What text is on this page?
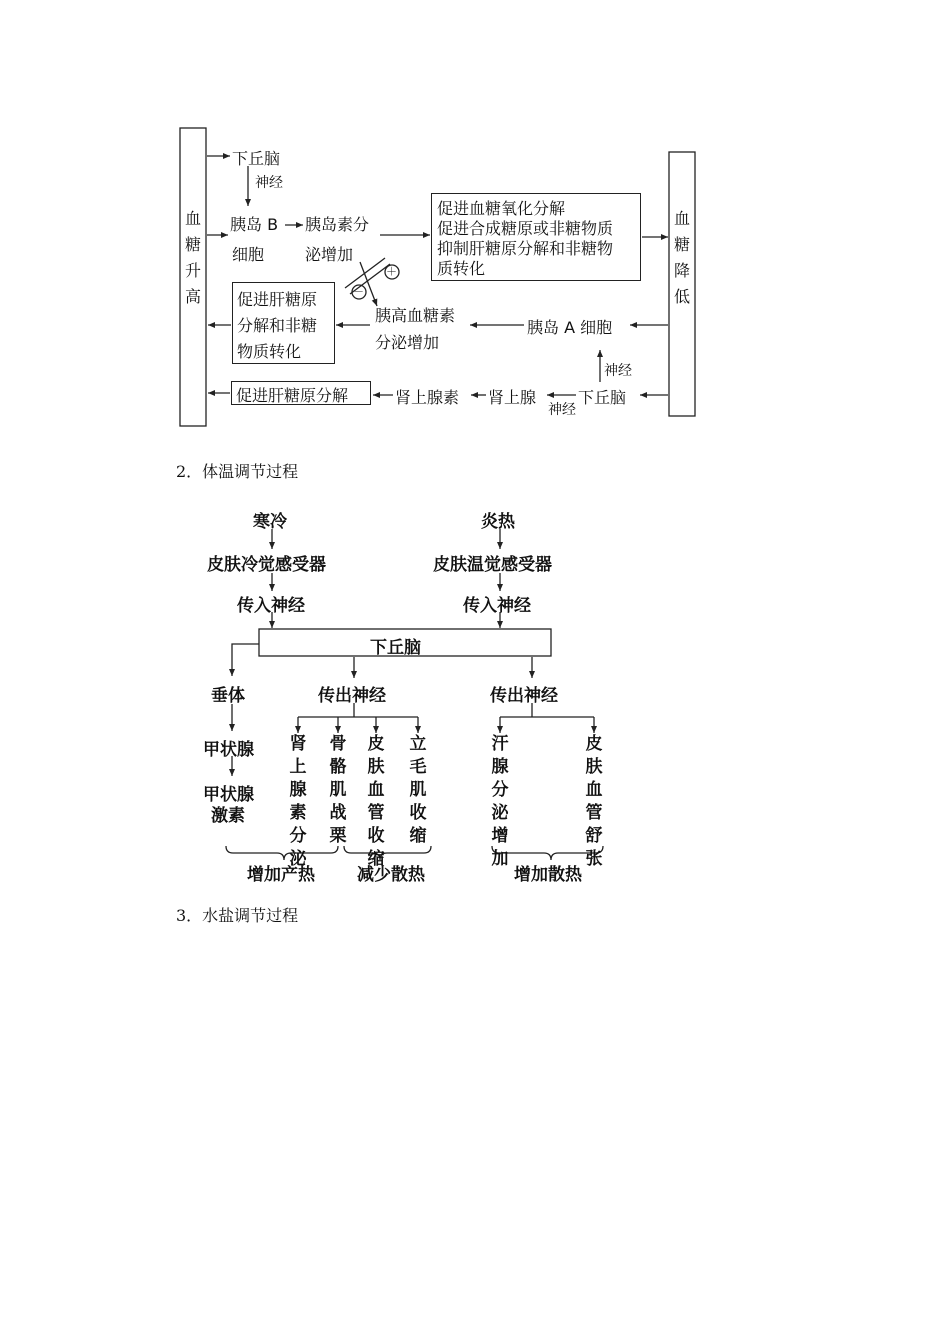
血糖升高
血糖降低
下丘脑
神经
胰岛 B
细胞
胰岛素分
泌增加
促进血糖氧化分解
促进合成糖原或非糖物质
抑制肝糖原分解和非糖物
质转化
－
＋
胰高血糖素
分泌增加
胰岛 A 细胞
促进肝糖原
分解和非糖
物质转化
神经
促进肝糖原分解	肾上腺素 肾上腺
神经
下丘脑
2．体温调节过程
寒冷	炎热
皮肤冷觉感受器	皮肤温觉感受器
传入神经	传入神经
下丘脑
垂体	传出神经	传出神经
甲状腺
甲状腺
激素
肾上腺素分泌
骨骼肌战栗
皮肤血管收缩
立毛肌收缩
汗腺分泌增加
皮肤血管舒张
增加产热 减少散热	增加散热
3．水盐调节过程
